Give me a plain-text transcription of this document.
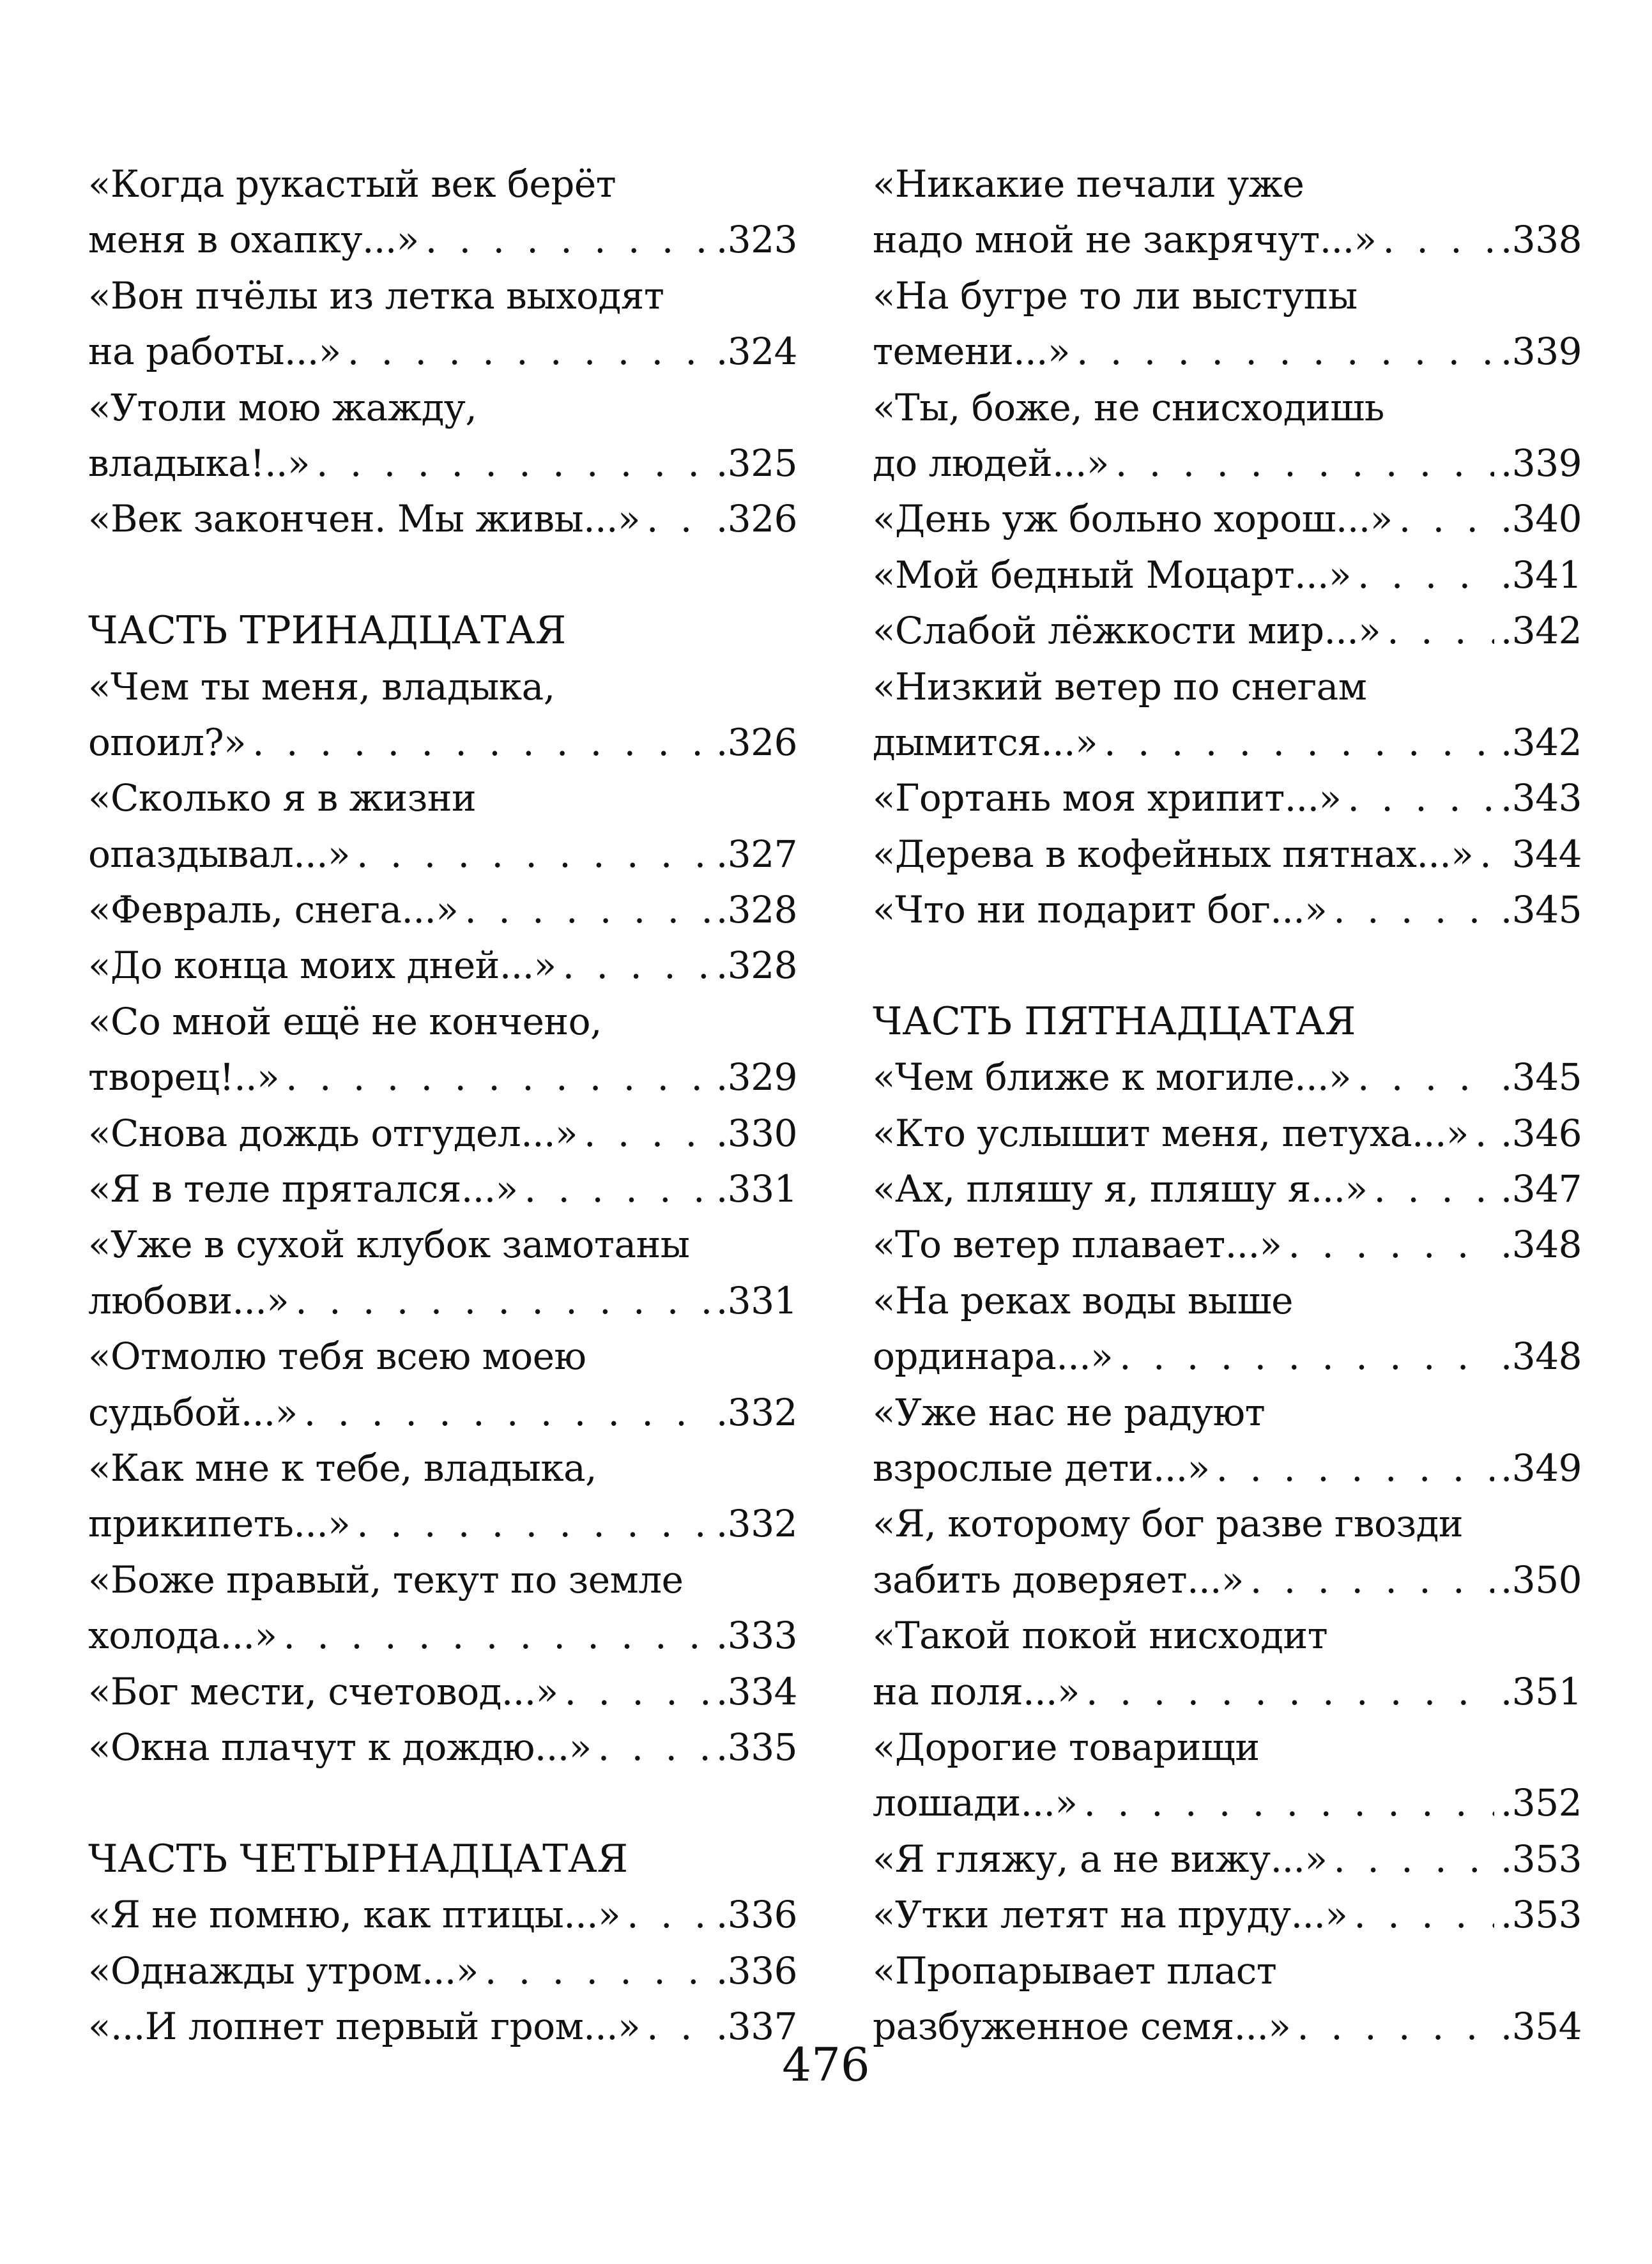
«Когда рукастый век берёт
меня в охапку...» . . .	.323
«Вон пчёлы из летка выходят
на работы...» . . .	.324
«Утоли мою жажду,
владыка!..» . . .	.325
«Век закончен. Мы живы...» . . . .326
ЧАСТЬ ТРИНАДЦАТАЯ
«Чем ты меня, владыка,
опоил?» . . .	.326
«Сколько я в жизни
опаздывал...» . . .	.327
«Февраль, снега...» . . .	.328
«До конца моих дней...» . . .	.328
«Со мной ещё не кончено,
творец!..» . . .	.329
«Снова дождь отгудел...» . . .	.330
«Я в теле прятался...» . . .	.331
«Уже в сухой клубок замотаны
любови...» . . .	.331
«Отмолю тебя всею моею
судьбой...» . . .	.332
«Как мне к тебе, владыка,
прикипеть...» . . .	.332
«Боже правый, текут по земле
холода...» . . .	.333
«Бог мести, счетовод...» . . .	.334
«Окна плачут к дождю...» . . .	.335
ЧАСТЬ ЧЕТЫРНАДЦАТАЯ
«Я не помню, как птицы...» . . .	.336
«Однажды утром...» . . .	.336
«...И лопнет первый гром...» . . . .337
«Никакие печали уже
надо мной не закрячут...» . . .	.338
«На бугре то ли выступы
темени...» . . .	.339
«Ты, боже, не снисходишь
до людей...» . . .	.339
«День уж больно хорош...» . . .	.340
«Мой бедный Моцарт...» . . .	.341
«Слабой лёжкости мир...» . . .	.342
«Низкий ветер по снегам
дымится...» . . .	.342
«Гортань моя хрипит...» . . .	.343
«Дерева в кофейных пятнах...» . . . 344
«Что ни подарит бог...» . . .	.345
ЧАСТЬ ПЯТНАДЦАТАЯ
«Чем ближе к могиле...» . . .	.345
«Кто услышит меня, петуха...» . . . .346
«Ах, пляшу я, пляшу я...» . . .	.347
«То ветер плавает...» . . .	.348
«На реках воды выше
ординара...» . . .	.348
«Уже нас не радуют
взрослые дети...» . . .	.349
«Я, которому бог разве гвозди
забить доверяет...» . . .	.350
«Такой покой нисходит
на поля...» . . .	.351
«Дорогие товарищи
лошади...» . . .	.352
«Я гляжу, а не вижу...» . . .	.353
«Утки летят на пруду...» . . .	.353
«Пропарывает пласт
разбуженное семя...» . . .	.354
476
